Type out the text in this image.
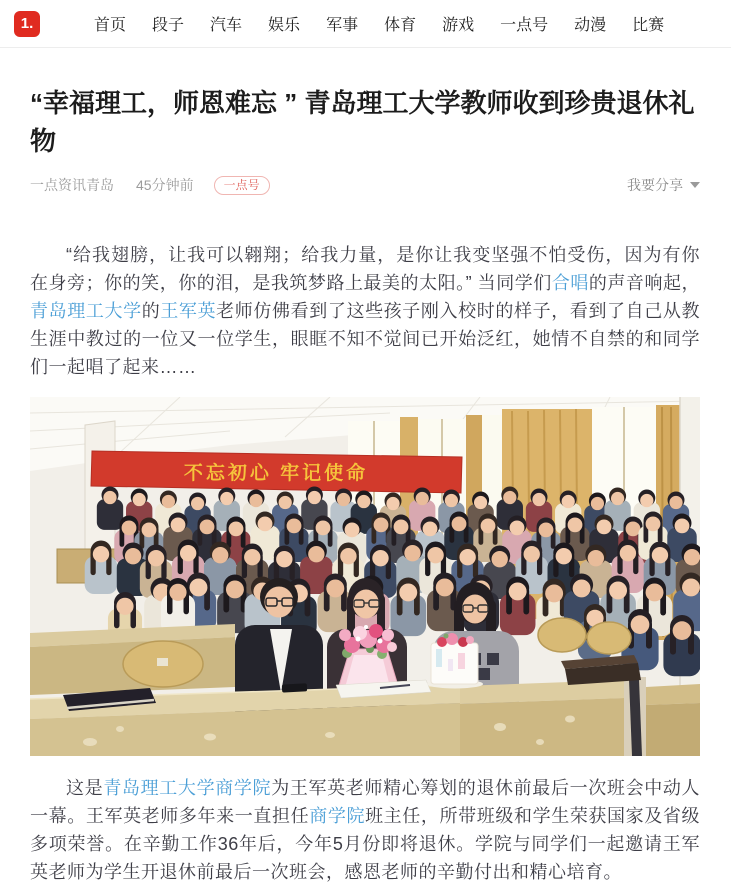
1.	首页 段子 汽车 娱乐 军事 体育 游戏 一点号 动漫 比赛
“幸福理工，师恩难忘 ” 青岛理工大学教师收到珍贵退休礼物
一点资讯青岛 45分钟前	一点号	我要分享

“给我翅膀，让我可以翱翔；给我力量，是你让我变坚强不怕受伤，因为有你在身旁；你的笑，你的泪，是我筑梦路上最美的太阳。” 当同学们合唱的声音响起，青岛理工大学的王军英老师仿佛看到了这些孩子刚入校时的样子，看到了自己从教生涯中教过的一位又一位学生，眼眶不知不觉间已开始泛红，她情不自禁的和同学们一起唱了起来……

不忘初心 牢记使命

这是青岛理工大学商学院为王军英老师精心筹划的退休前最后一次班会中动人一幕。王军英老师多年来一直担任商学院班主任，所带班级和学生荣获国家及省级多项荣誉。在辛勤工作36年后，今年5月份即将退休。学院与同学们一起邀请王军英老师为学生开退休前最后一次班会，感恩老师的辛勤付出和精心培育。
